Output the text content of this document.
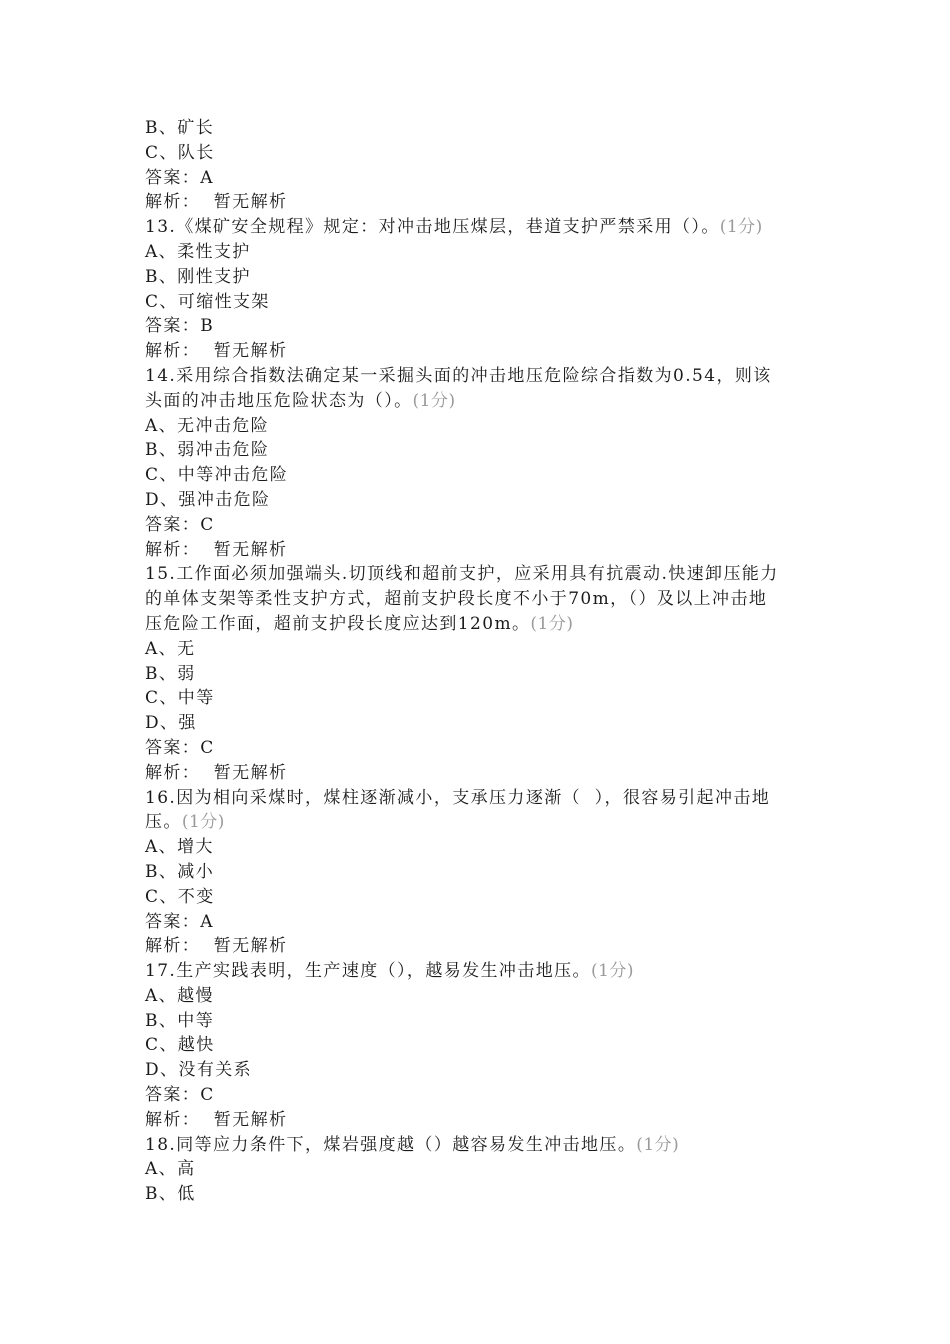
B、矿长
C、队长
答案：A
解析：  暂无解析
13.《煤矿安全规程》规定：对冲击地压煤层，巷道支护严禁采用（）。(1分)
A、柔性支护
B、刚性支护
C、可缩性支架
答案：B
解析：  暂无解析
14.采用综合指数法确定某一采掘头面的冲击地压危险综合指数为0.54，则该
头面的冲击地压危险状态为（）。(1分)
A、无冲击危险
B、弱冲击危险
C、中等冲击危险
D、强冲击危险
答案：C
解析：  暂无解析
15.工作面必须加强端头.切顶线和超前支护，应采用具有抗震动.快速卸压能力
的单体支架等柔性支护方式，超前支护段长度不小于70m，（）及以上冲击地
压危险工作面，超前支护段长度应达到120m。(1分)
A、无
B、弱
C、中等
D、强
答案：C
解析：  暂无解析
16.因为相向采煤时，煤柱逐渐减小，支承压力逐渐（  ），很容易引起冲击地
压。(1分)
A、增大
B、减小
C、不变
答案：A
解析：  暂无解析
17.生产实践表明，生产速度（），越易发生冲击地压。(1分)
A、越慢
B、中等
C、越快
D、没有关系
答案：C
解析：  暂无解析
18.同等应力条件下，煤岩强度越（）越容易发生冲击地压。(1分)
A、高
B、低
